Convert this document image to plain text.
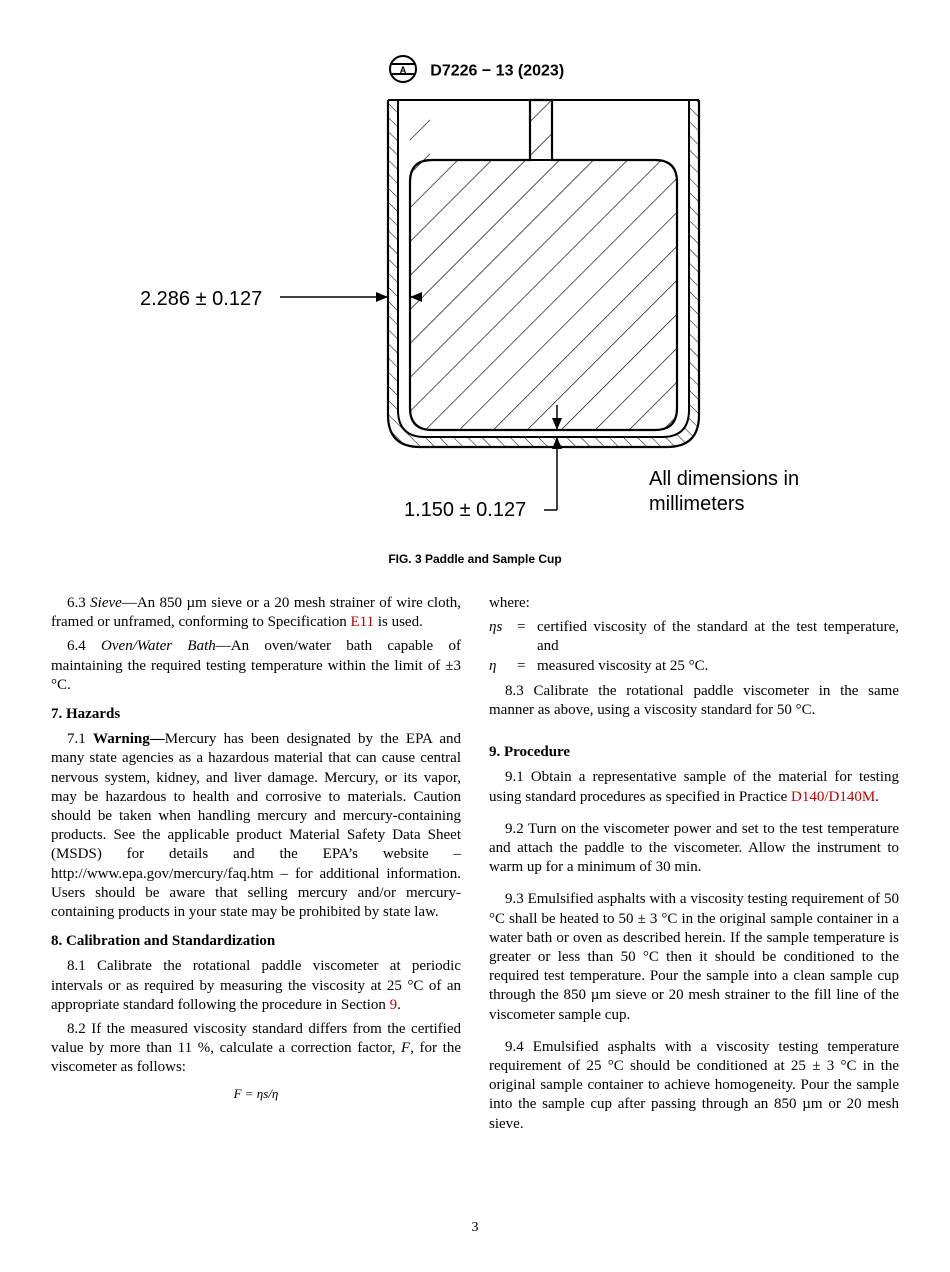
A D7226 − 13 (2023)
2.286 ± 0.127
1.150 ± 0.127
All dimensions in
millimeters
FIG. 3 Paddle and Sample Cup

6.3 Sieve—An 850 µm sieve or a 20 mesh strainer of wire cloth, framed or unframed, conforming to Specification E11 is used.

6.4 Oven/Water Bath—An oven/water bath capable of maintaining the required testing temperature within the limit of ±3 °C.

7. Hazards

7.1 Warning—Mercury has been designated by the EPA and many state agencies as a hazardous material that can cause central nervous system, kidney, and liver damage. Mercury, or its vapor, may be hazardous to health and corrosive to materials. Caution should be taken when handling mercury and mercury-containing products. See the applicable product Material Safety Data Sheet (MSDS) for details and the EPA’s website – http://www.epa.gov/mercury/faq.htm – for additional information. Users should be aware that selling mercury and/or mercury-containing products in your state may be prohibited by state law.

8. Calibration and Standardization

8.1 Calibrate the rotational paddle viscometer at periodic intervals or as required by measuring the viscosity at 25 °C of an appropriate standard following the procedure in Section 9.

8.2 If the measured viscosity standard differs from the certified value by more than 11 %, calculate a correction factor, F, for the viscometer as follows:

F = ηs/η

where:

ηs = certified viscosity of the standard at the test temperature, and
η	= measured viscosity at 25 °C.

8.3 Calibrate the rotational paddle viscometer in the same manner as above, using a viscosity standard for 50 °C.

9. Procedure

9.1 Obtain a representative sample of the material for testing using standard procedures as specified in Practice D140/D140M.

9.2 Turn on the viscometer power and set to the test temperature and attach the paddle to the viscometer. Allow the instrument to warm up for a minimum of 30 min.

9.3 Emulsified asphalts with a viscosity testing requirement of 50 °C shall be heated to 50 ± 3 °C in the original sample container in a water bath or oven as described herein. If the sample temperature is greater or less than 50 °C then it should be conditioned to the required test temperature. Pour the sample into a clean sample cup through the 850 µm sieve or 20 mesh strainer to the fill line of the viscometer sample cup.

9.4 Emulsified asphalts with a viscosity testing temperature requirement of 25 °C should be conditioned at 25 ± 3 °C in the original sample container to achieve homogeneity. Pour the sample into the sample cup after passing through an 850 µm or 20 mesh sieve.

3
